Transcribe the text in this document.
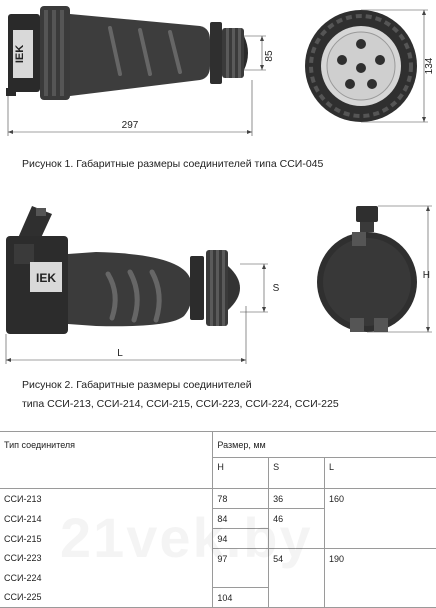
IEK	85
297
134
Рисунок 1. Габаритные размеры соединителей типа ССИ-045
IEK
S
L
H
Рисунок 2. Габаритные размеры соединителей
типа ССИ-213, ССИ-214, ССИ-215, ССИ-223, ССИ-224, ССИ-225
Тип соединителя	Размер, мм		
	H	S	L
ССИ-213	78	36	160
ССИ-214	84	46	
ССИ-215	94		
ССИ-223	97	54	190
ССИ-224			
ССИ-225	104		
